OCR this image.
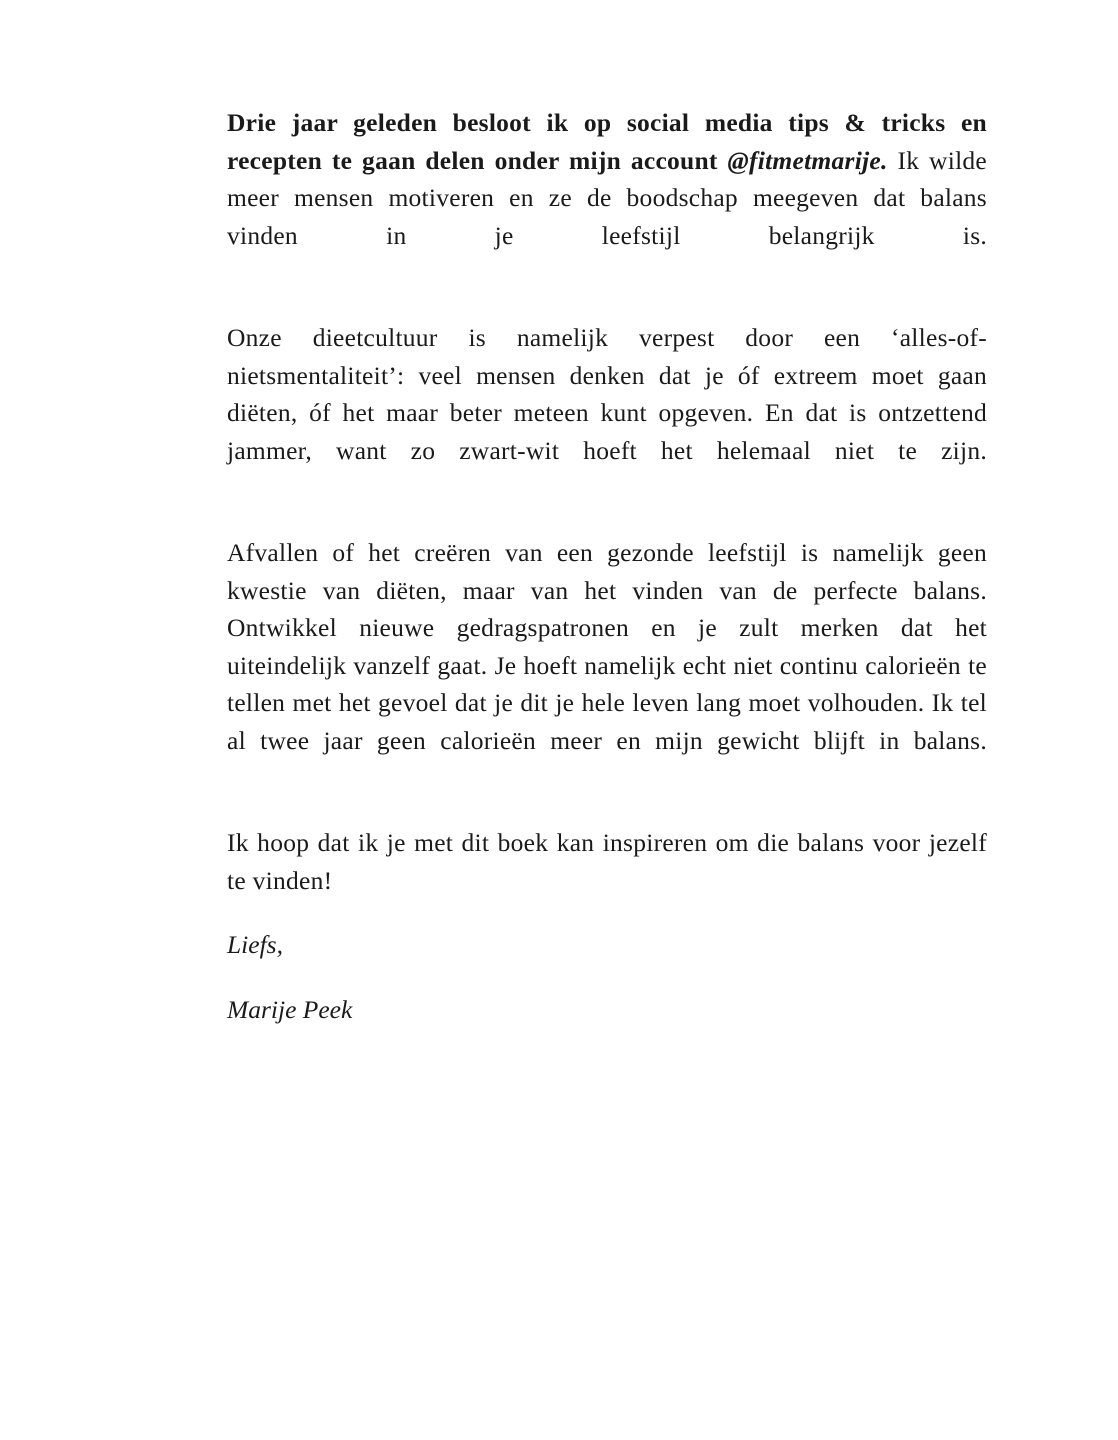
Drie jaar geleden besloot ik op social media tips & tricks en recepten te gaan delen onder mijn account @fitmetmarije. Ik wilde meer mensen motiveren en ze de boodschap meegeven dat balans vinden in je leefstijl belangrijk is.

Onze dieetcultuur is namelijk verpest door een ‘alles-of-nietsmentaliteit’: veel mensen denken dat je óf extreem moet gaan diëten, óf het maar beter meteen kunt opgeven. En dat is ontzettend jammer, want zo zwart-wit hoeft het helemaal niet te zijn.

Afvallen of het creëren van een gezonde leefstijl is namelijk geen kwestie van diëten, maar van het vinden van de perfecte balans. Ontwikkel nieuwe gedragspatronen en je zult merken dat het uiteindelijk vanzelf gaat. Je hoeft namelijk echt niet continu calorieën te tellen met het gevoel dat je dit je hele leven lang moet volhouden. Ik tel al twee jaar geen calorieën meer en mijn gewicht blijft in balans.

Ik hoop dat ik je met dit boek kan inspireren om die balans voor jezelf te vinden!

Liefs,

Marije Peek
